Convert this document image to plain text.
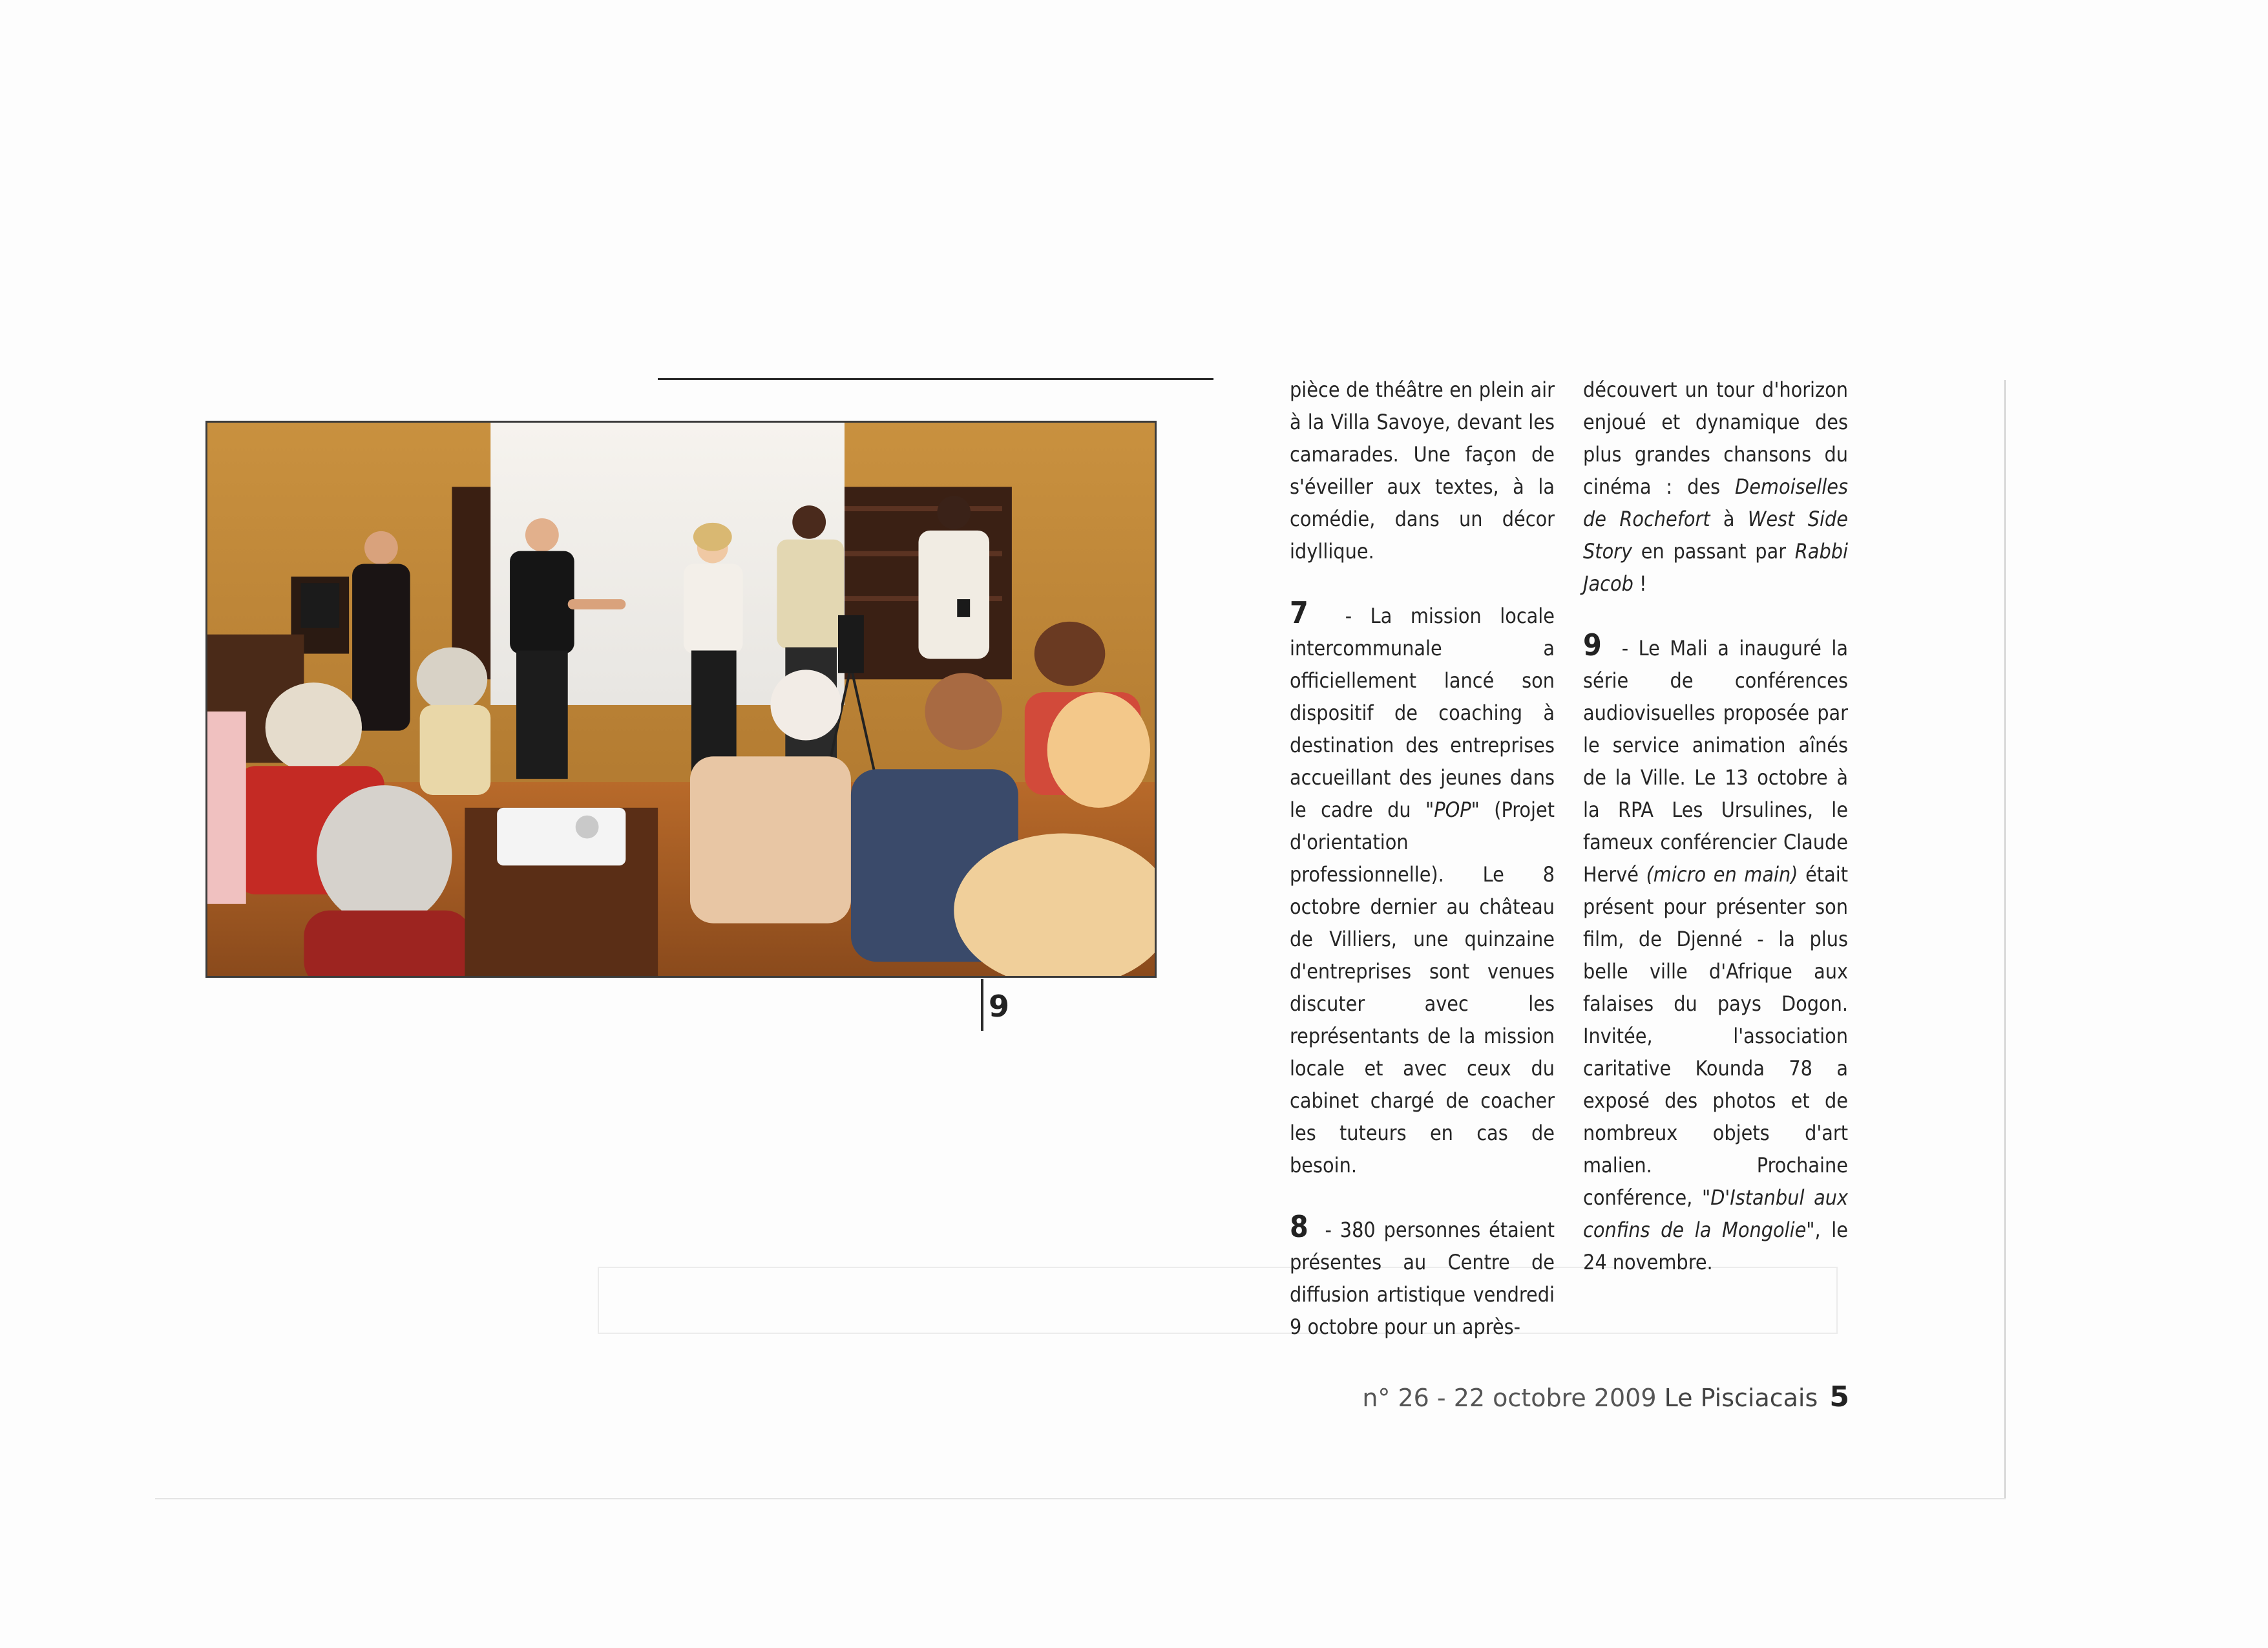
9

pièce de théâtre en plein air à la Villa Savoye, devant les camarades. Une façon de s'éveiller aux textes, à la comédie, dans un décor idyllique.

7  - La mission locale intercommunale a officiellement lancé son dispositif de coaching à destination des entreprises accueillant des jeunes dans le cadre du "POP" (Projet d'orientation professionnelle). Le 8 octobre dernier au château de Villiers, une quinzaine d'entreprises sont venues discuter avec les représentants de la mission locale et avec ceux du cabinet chargé de coacher les tuteurs en cas de besoin.

8  - 380 personnes étaient présentes au Centre de diffusion artistique vendredi 9 octobre pour un après-

découvert un tour d'horizon enjoué et dynamique des plus grandes chansons du cinéma : des Demoiselles de Rochefort à West Side Story en passant par Rabbi Jacob !

9  - Le Mali a inauguré la série de conférences audiovisuelles proposée par le service animation aînés de la Ville. Le 13 octobre à la RPA Les Ursulines, le fameux conférencier Claude Hervé (micro en main) était présent pour présenter son film, de Djenné - la plus belle ville d'Afrique aux falaises du pays Dogon. Invitée, l'association caritative Kounda 78 a exposé des photos et de nombreux objets d'art malien. Prochaine conférence, "D'Istanbul aux confins de la Mongolie", le 24 novembre.

n° 26 - 22 octobre 2009 Le Pisciacais 5
